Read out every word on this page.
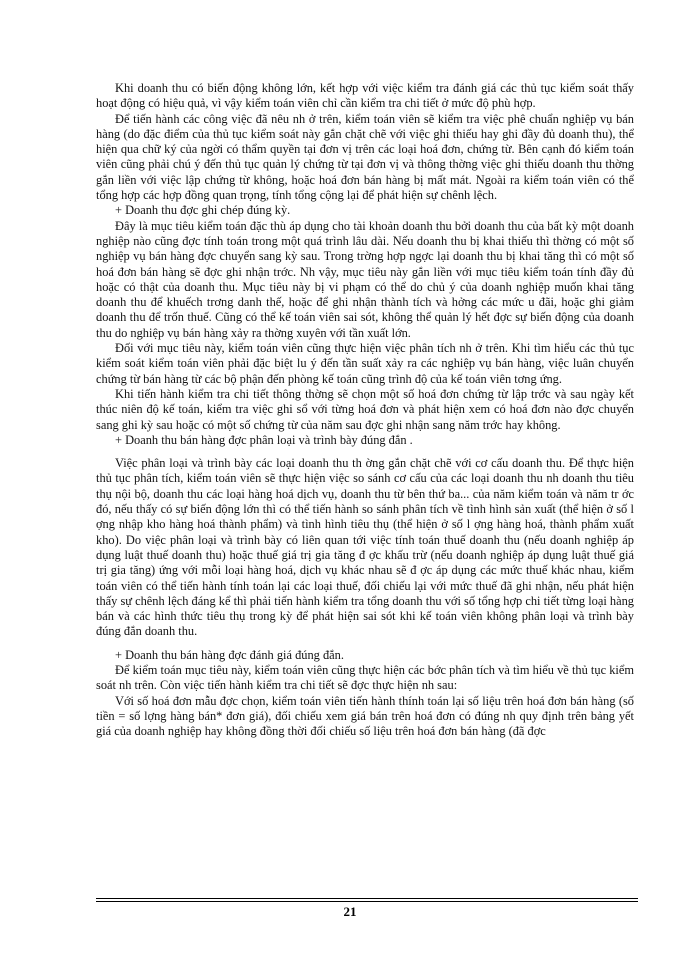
Khi doanh thu có biến động không lớn, kết hợp với việc kiểm tra đánh giá các thủ tục kiểm soát thấy hoạt động có hiệu quả, vì vậy kiểm toán viên chỉ cần kiểm tra chi tiết ở mức độ phù hợp.

Để tiến hành các công việc đã nêu nh ở trên, kiểm toán viên sẽ kiểm tra việc phê chuẩn nghiệp vụ bán hàng (do đặc điểm của thủ tục kiểm soát này gắn chặt chẽ với việc ghi thiếu hay ghi đầy đủ doanh thu), thể hiện qua chữ ký của ngời có thẩm quyền tại đơn vị trên các loại hoá đơn, chứng từ. Bên cạnh đó kiểm toán viên cũng phải chú ý đến thủ tục quản lý chứng từ tại đơn vị và thông thờng việc ghi thiếu doanh thu thờng gắn liền với việc lập chứng từ không, hoặc hoá đơn bán hàng bị mất mát. Ngoài ra kiểm toán viên có thể tổng hợp các hợp đồng quan trọng, tính tổng cộng lại để phát hiện sự chênh lệch.

+ Doanh thu đợc ghi chép đúng kỳ.

Đây là mục tiêu kiểm toán đặc thù áp dụng cho tài khoản doanh thu bởi doanh thu của bất kỳ một doanh nghiệp nào cũng đợc tính toán trong một quá trình lâu dài. Nếu doanh thu bị khai thiếu thì thờng có một số nghiệp vụ bán hàng đợc chuyển sang kỳ sau. Trong trờng hợp ngợc lại doanh thu bị khai tăng thì có một số hoá đơn bán hàng sẽ đợc ghi nhận trớc. Nh vậy, mục tiêu này gắn liền với mục tiêu kiểm toán tính đầy đủ hoặc có thật của doanh thu. Mục tiêu này bị vi phạm có thể do chủ ý của doanh nghiệp muốn khai tăng doanh thu để khuếch trơng danh thế, hoặc để ghi nhận thành tích và hởng các mức u đãi, hoặc ghi giảm doanh thu để trốn thuế. Cũng có thể kế toán viên sai sót, không thể quản lý hết đợc sự biến động của doanh thu do nghiệp vụ bán hàng xảy ra thờng xuyên với tần xuất lớn.

Đối với mục tiêu này, kiểm toán viên cũng thực hiện việc phân tích nh ở trên. Khi tìm hiểu các thủ tục kiểm soát kiểm toán viên phải đặc biệt lu ý đến tần suất xảy ra các nghiệp vụ bán hàng, việc luân chuyển chứng từ bán hàng từ các bộ phận đến phòng kế toán cũng trình độ của kế toán viên tơng ứng.

Khi tiến hành kiểm tra chi tiết thông thờng sẽ chọn một số hoá đơn chứng từ lập trớc và sau ngày kết thúc niên độ kế toán, kiểm tra việc ghi sổ với từng hoá đơn và phát hiện xem có hoá đơn nào đợc chuyển sang ghi kỳ sau hoặc có một số chứng từ của năm sau đợc ghi nhận sang năm trớc hay không.

+ Doanh thu bán hàng đợc phân loại và trình bày đúng đắn .

Việc phân loại và trình bày các loại doanh thu th ờng gắn chặt chẽ với cơ cấu doanh thu. Để thực hiện thủ tục phân tích, kiểm toán viên sẽ thực hiện việc so sánh cơ cấu của các loại doanh thu nh doanh thu tiêu thụ nội bộ, doanh thu các loại hàng hoá dịch vụ, doanh thu từ bên thứ ba... của năm kiểm toán và năm tr ớc đó, nếu thấy có sự biến động lớn thì có thể tiến hành so sánh phân tích về tình hình sản xuất (thể hiện ở số l ợng nhập kho hàng hoá thành phẩm) và tình hình tiêu thụ (thể hiện ở số l ợng hàng hoá, thành phẩm xuất kho). Do việc phân loại và trình bày có liên quan tới việc tính toán thuế doanh thu (nếu doanh nghiệp áp dụng luật thuế doanh thu) hoặc thuế giá trị gia tăng đ ợc khấu trừ (nếu doanh nghiệp áp dụng luật thuế giá trị gia tăng) ứng với mỗi loại hàng hoá, dịch vụ khác nhau sẽ đ ợc áp dụng các mức thuế khác nhau, kiểm toán viên có thể tiến hành tính toán lại các loại thuế, đối chiếu lại với mức thuế đã ghi nhận, nếu phát hiện thấy sự chênh lệch đáng kể thì phải tiến hành kiểm tra tổng doanh thu với số tổng hợp chi tiết từng loại hàng bán và các hình thức tiêu thụ trong kỳ để phát hiện sai sót khi kế toán viên không phân loại và trình bày đúng đắn doanh thu.

+ Doanh thu bán hàng đợc đánh giá đúng đắn.

Để kiểm toán mục tiêu này, kiểm toán viên cũng thực hiện các bớc phân tích và tìm hiểu về thủ tục kiểm soát nh trên. Còn việc tiến hành kiểm tra chi tiết sẽ đợc thực hiện nh sau:

Với số hoá đơn mẫu đợc chọn, kiểm toán viên tiến hành thính toán lại số liệu trên hoá đơn bán hàng (số tiền = số lợng hàng bán* đơn giá), đối chiếu xem giá bán trên hoá đơn có đúng nh quy định trên bảng yết giá của doanh nghiệp hay không đồng thời đối chiếu số liệu trên hoá đơn bán hàng (đã đợc

21
